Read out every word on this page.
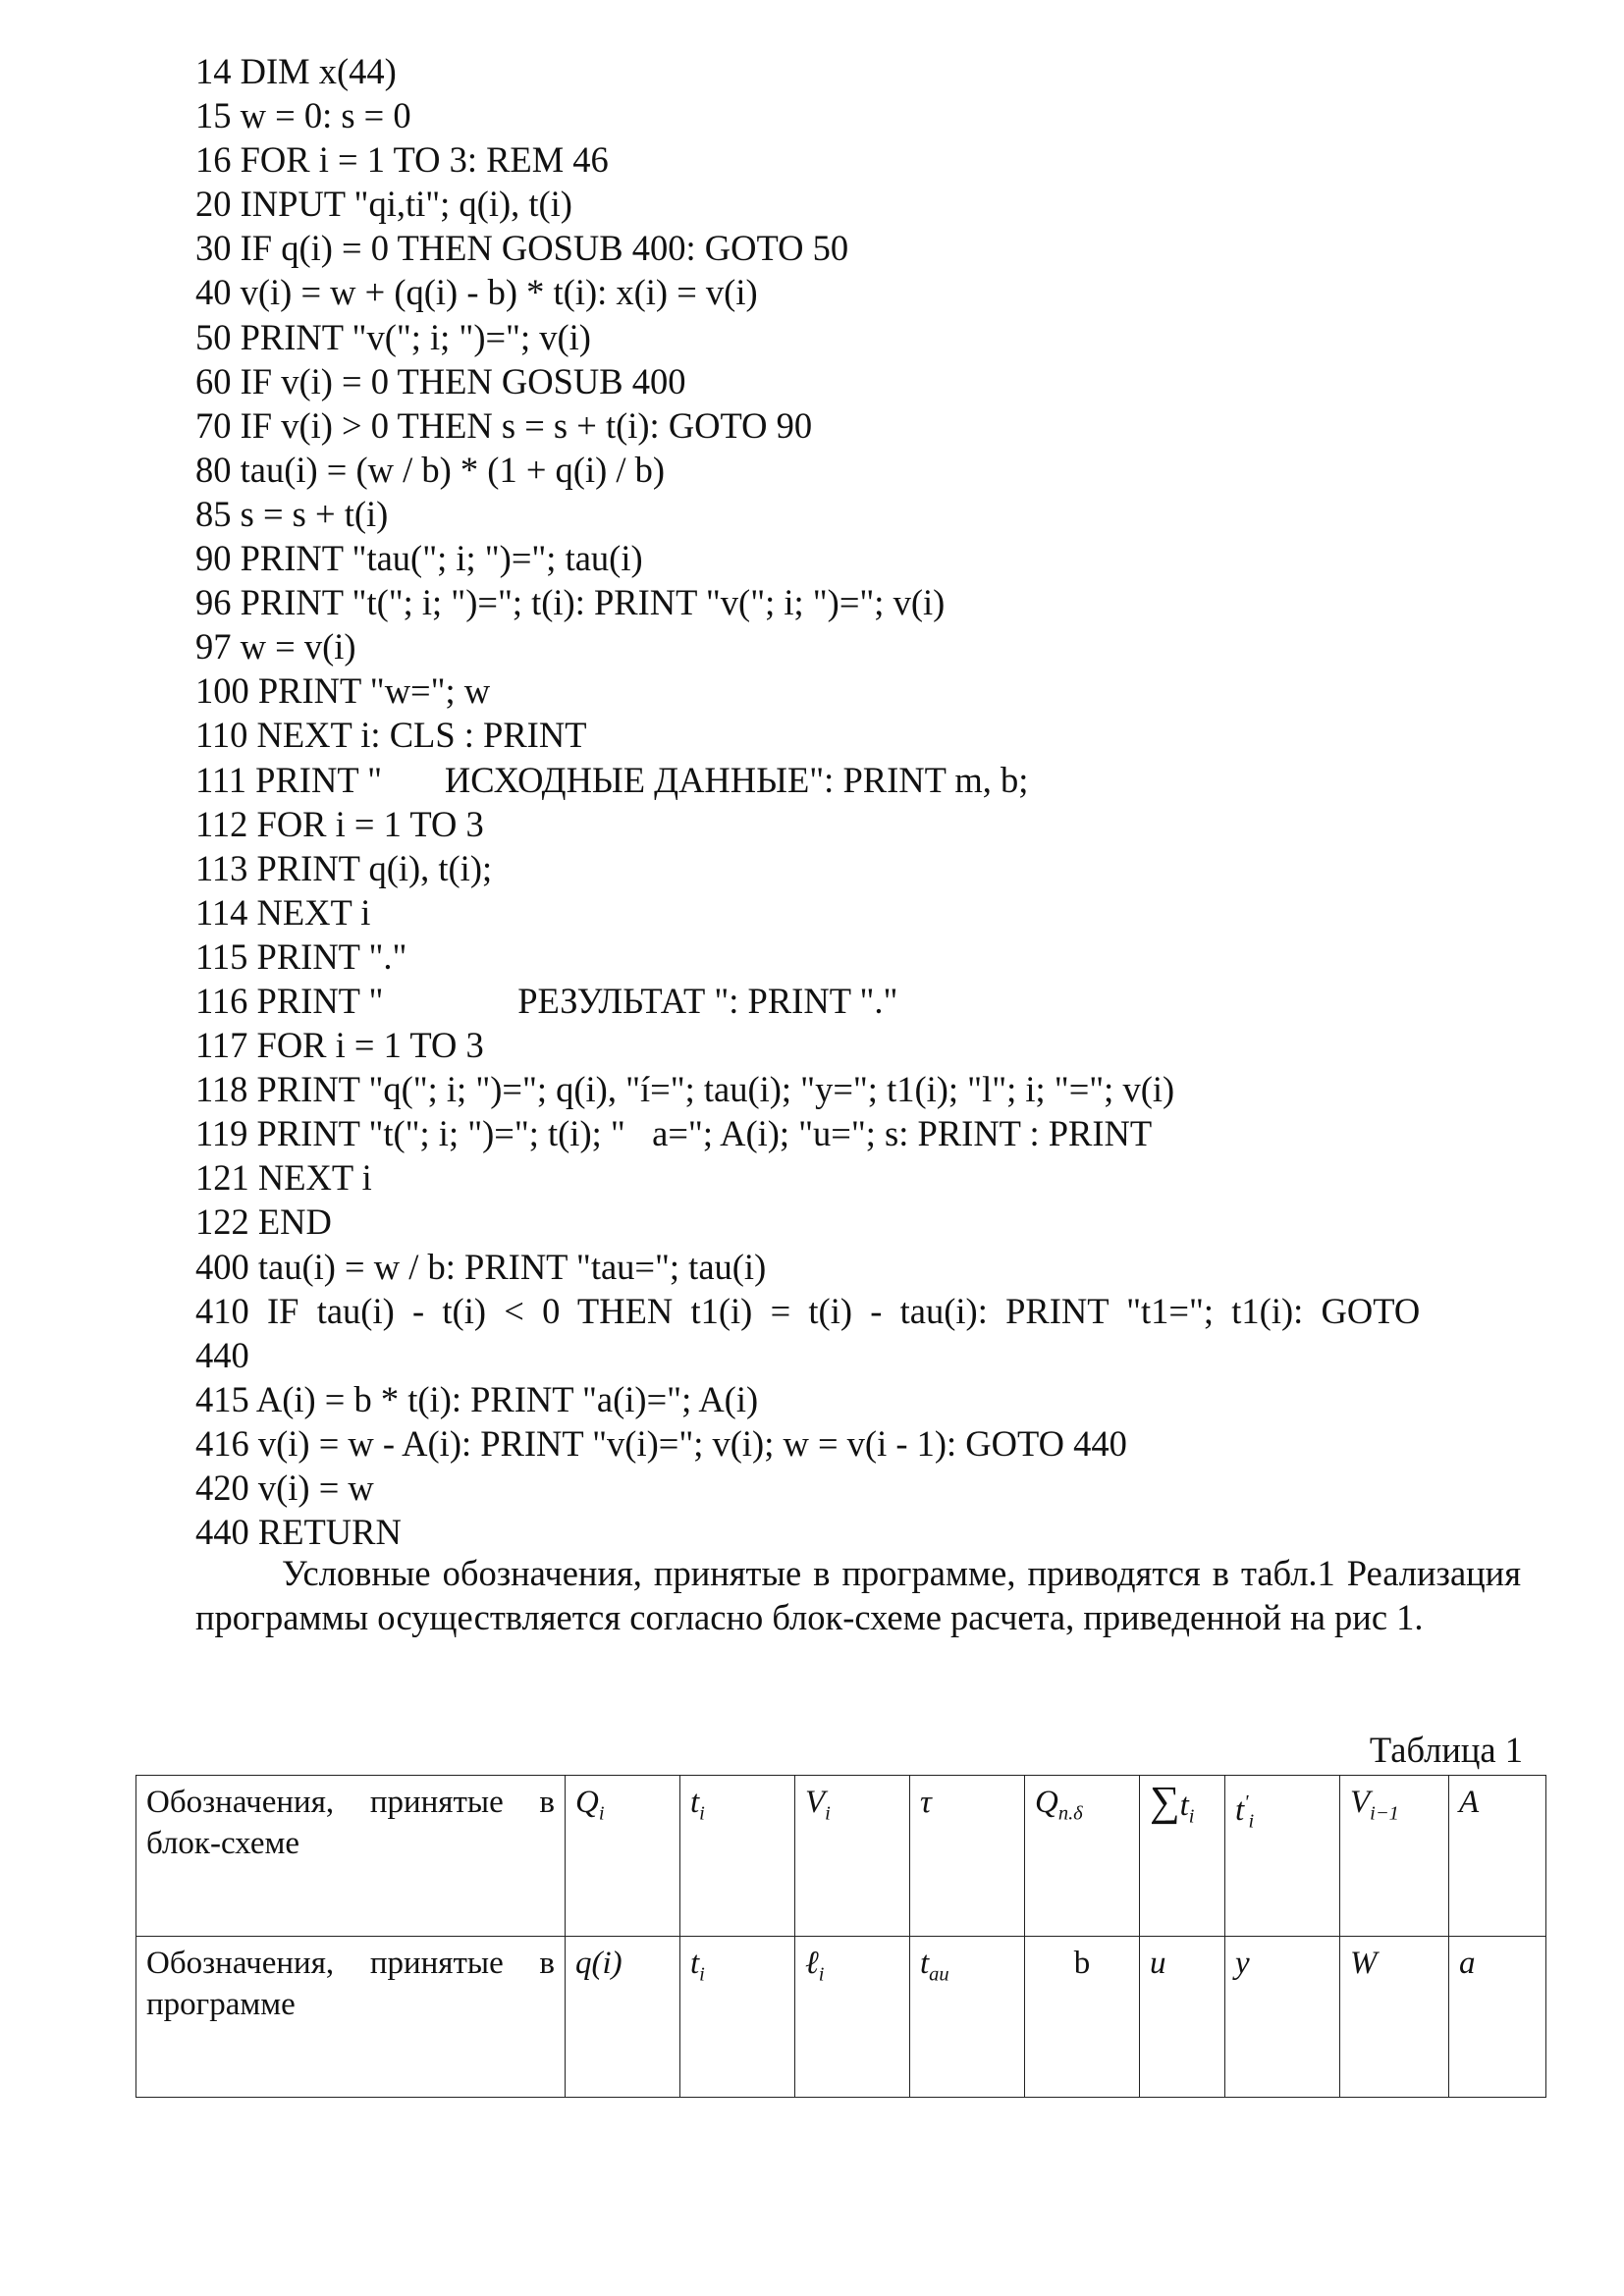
14 DIM x(44)
15 w = 0: s = 0
16 FOR i = 1 TO 3: REM 46
20 INPUT "qi,ti"; q(i), t(i)
30 IF q(i) = 0 THEN GOSUB 400: GOTO 50
40 v(i) = w + (q(i) - b) * t(i): x(i) = v(i)
50 PRINT "v("; i; ")="; v(i)
60 IF v(i) = 0 THEN GOSUB 400
70 IF v(i) > 0 THEN s = s + t(i): GOTO 90
80 tau(i) = (w / b) * (1 + q(i) / b)
85 s = s + t(i)
90 PRINT "tau("; i; ")="; tau(i)
96 PRINT "t("; i; ")="; t(i): PRINT "v("; i; ")="; v(i)
97 w = v(i)
100 PRINT "w="; w
110 NEXT i: CLS : PRINT
111 PRINT "       ИСХОДНЫЕ ДАННЫЕ": PRINT m, b;
112 FOR i = 1 TO 3
113 PRINT q(i), t(i);
114 NEXT i
115 PRINT "."
116 PRINT "               РЕЗУЛЬТАТ ": PRINT "."
117 FOR i = 1 TO 3
118 PRINT "q("; i; ")="; q(i), "í="; tau(i); "y="; t1(i); "l"; i; "="; v(i)
119 PRINT "t("; i; ")="; t(i); "   a="; A(i); "u="; s: PRINT : PRINT
121 NEXT i
122 END
400 tau(i) = w / b: PRINT "tau="; tau(i)
410  IF  tau(i)  -  t(i)  <  0  THEN  t1(i)  =  t(i)  -  tau(i):  PRINT  "t1=";  t1(i):  GOTO
440
415 A(i) = b * t(i): PRINT "a(i)="; A(i)
416 v(i) = w - A(i): PRINT "v(i)="; v(i); w = v(i - 1): GOTO 440
420 v(i) = w
440 RETURN
Условные обозначения, принятые в программе, приводятся в табл.1 Реализация программы осуществляется согласно блок-схеме расчета, приведенной на рис 1.
Таблица 1
Обозначения, принятые в блок-схеме	$Q_i$	$t_i$	$V_i$	τ	$Q_{п.\delta}$	$\sum t_i$	$t'_i$	$V_{i-1}$	A
Обозначения, принятые в программе	q(i)	$t_i$	ℓ$_i$	$t_{au}$	b	u	y	W	a
